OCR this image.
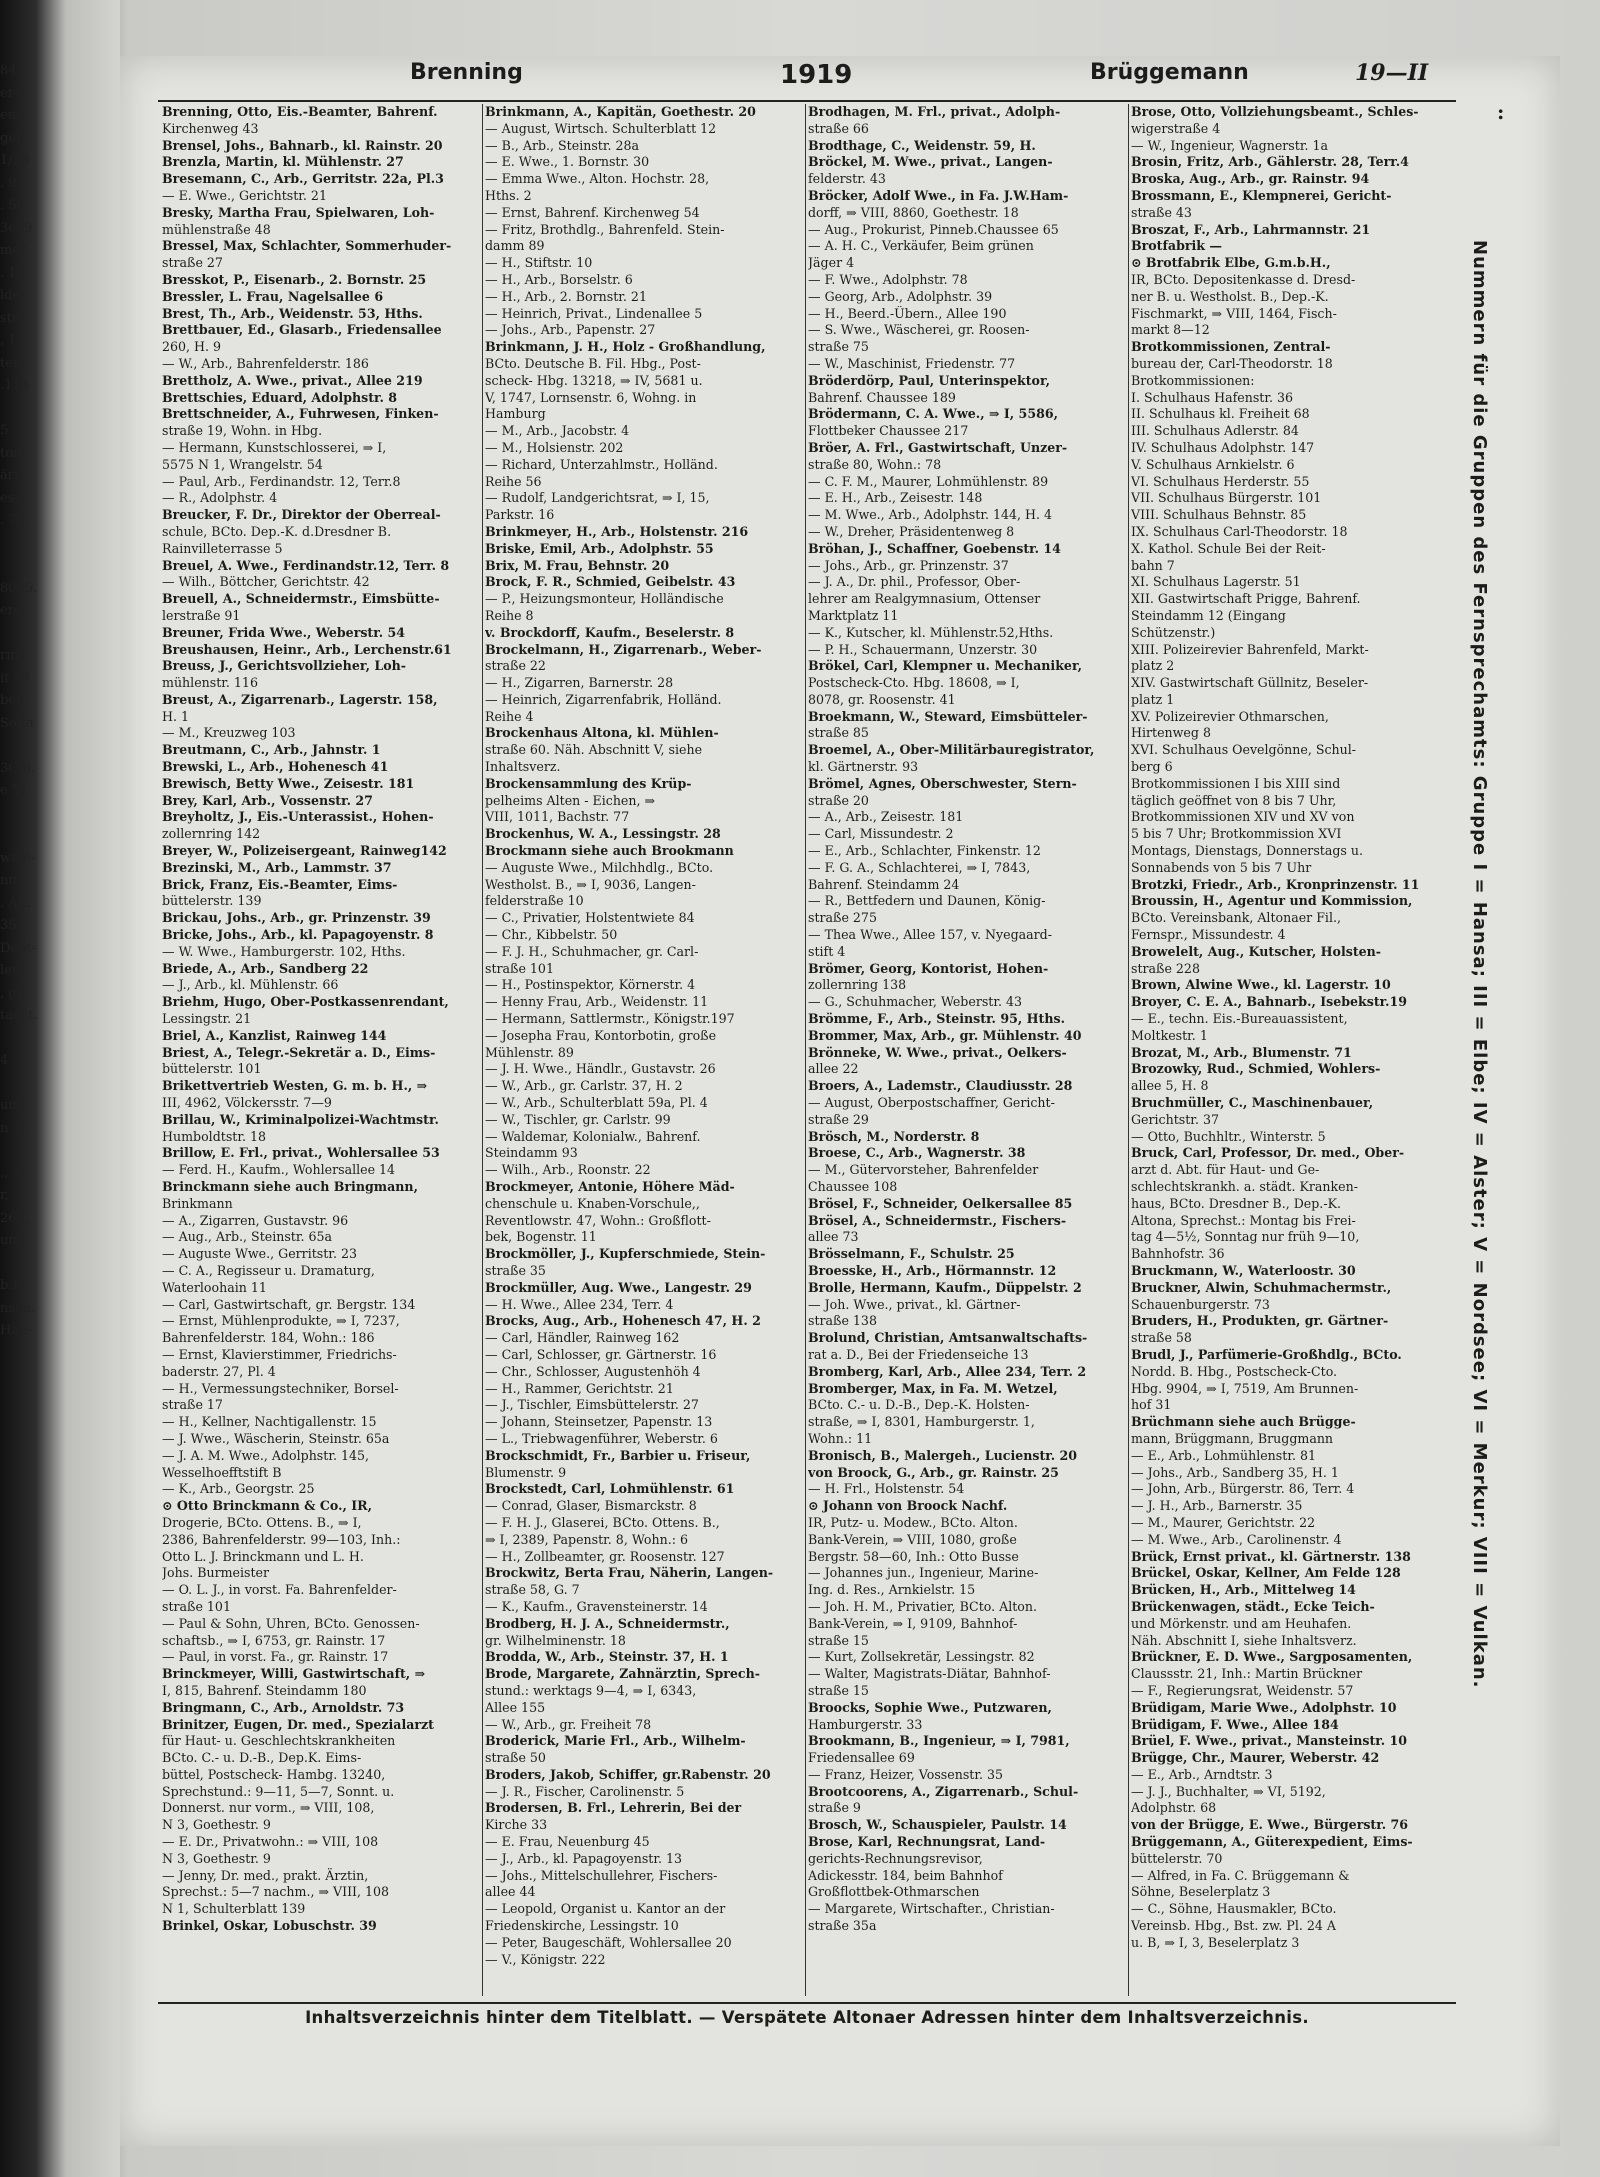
84
er-
en-
ger-
1/23
. 91
. 56
3e39
mer
. 13
lde-
str.
, 11
ter-
.113

5
ton.
ärt-
es-
. 72,

8095.
erg-

rm-
it 77
ben-
Sohn

3Cto.
e 51

wille-
nn-
. Alt.
35
Dent-
len-
, gr.
tacht.

4

und
n. b.

., ⇒
r,
266,
und

b.H.
nsen.
Han-
Brenning	1919	Brüggemann	19—II
:
Brenning, Otto, Eis.-Beamter, Bahrenf.
Kirchenweg 43
Brensel, Johs., Bahnarb., kl. Rainstr. 20
Brenzla, Martin, kl. Mühlenstr. 27
Bresemann, C., Arb., Gerritstr. 22a, Pl.3
— E. Wwe., Gerichtstr. 21
Bresky, Martha Frau, Spielwaren, Loh-
mühlenstraße 48
Bressel, Max, Schlachter, Sommerhuder-
straße 27
Bresskot, P., Eisenarb., 2. Bornstr. 25
Bressler, L. Frau, Nagelsallee 6
Brest, Th., Arb., Weidenstr. 53, Hths.
Brettbauer, Ed., Glasarb., Friedensallee
260, H. 9
— W., Arb., Bahrenfelderstr. 186
Brettholz, A. Wwe., privat., Allee 219
Brettschies, Eduard, Adolphstr. 8
Brettschneider, A., Fuhrwesen, Finken-
straße 19, Wohn. in Hbg.
— Hermann, Kunstschlosserei, ⇒ I,
5575 N 1, Wrangelstr. 54
— Paul, Arb., Ferdinandstr. 12, Terr.8
— R., Adolphstr. 4
Breucker, F. Dr., Direktor der Oberreal-
schule, BCto. Dep.-K. d.Dresdner B.
Rainvilleterrasse 5
Breuel, A. Wwe., Ferdinandstr.12, Terr. 8
— Wilh., Böttcher, Gerichtstr. 42
Breuell, A., Schneidermstr., Eimsbütte-
lerstraße 91
Breuner, Frida Wwe., Weberstr. 54
Breushausen, Heinr., Arb., Lerchenstr.61
Breuss, J., Gerichtsvollzieher, Loh-
mühlenstr. 116
Breust, A., Zigarrenarb., Lagerstr. 158,
H. 1
— M., Kreuzweg 103
Breutmann, C., Arb., Jahnstr. 1
Brewski, L., Arb., Hohenesch 41
Brewisch, Betty Wwe., Zeisestr. 181
Brey, Karl, Arb., Vossenstr. 27
Breyholtz, J., Eis.-Unterassist., Hohen-
zollernring 142
Breyer, W., Polizeisergeant, Rainweg142
Brezinski, M., Arb., Lammstr. 37
Brick, Franz, Eis.-Beamter, Eims-
büttelerstr. 139
Brickau, Johs., Arb., gr. Prinzenstr. 39
Bricke, Johs., Arb., kl. Papagoyenstr. 8
— W. Wwe., Hamburgerstr. 102, Hths.
Briede, A., Arb., Sandberg 22
— J., Arb., kl. Mühlenstr. 66
Briehm, Hugo, Ober-Postkassenrendant,
Lessingstr. 21
Briel, A., Kanzlist, Rainweg 144
Briest, A., Telegr.-Sekretär a. D., Eims-
büttelerstr. 101
Brikettvertrieb Westen, G. m. b. H., ⇒
III, 4962, Völckersstr. 7—9
Brillau, W., Kriminalpolizei-Wachtmstr.
Humboldtstr. 18
Brillow, E. Frl., privat., Wohlersallee 53
— Ferd. H., Kaufm., Wohlersallee 14
Brinckmann siehe auch Bringmann,
Brinkmann
— A., Zigarren, Gustavstr. 96
— Aug., Arb., Steinstr. 65a
— Auguste Wwe., Gerritstr. 23
— C. A., Regisseur u. Dramaturg,
Waterloohain 11
— Carl, Gastwirtschaft, gr. Bergstr. 134
— Ernst, Mühlenprodukte, ⇒ I, 7237,
Bahrenfelderstr. 184, Wohn.: 186
— Ernst, Klavierstimmer, Friedrichs-
baderstr. 27, Pl. 4
— H., Vermessungstechniker, Borsel-
straße 17
— H., Kellner, Nachtigallenstr. 15
— J. Wwe., Wäscherin, Steinstr. 65a
— J. A. M. Wwe., Adolphstr. 145,
Wesselhoefftstift B
— K., Arb., Georgstr. 25
⊙ Otto Brinckmann & Co., IR,
Drogerie, BCto. Ottens. B., ⇒ I,
2386, Bahrenfelderstr. 99—103, Inh.:
Otto L. J. Brinckmann und L. H.
Johs. Burmeister
— O. L. J., in vorst. Fa. Bahrenfelder-
straße 101
— Paul & Sohn, Uhren, BCto. Genossen-
schaftsb., ⇒ I, 6753, gr. Rainstr. 17
— Paul, in vorst. Fa., gr. Rainstr. 17
Brinckmeyer, Willi, Gastwirtschaft, ⇒
I, 815, Bahrenf. Steindamm 180
Bringmann, C., Arb., Arnoldstr. 73
Brinitzer, Eugen, Dr. med., Spezialarzt
für Haut- u. Geschlechtskrankheiten
BCto. C.- u. D.-B., Dep.K. Eims-
büttel, Postscheck- Hambg. 13240,
Sprechstund.: 9—11, 5—7, Sonnt. u.
Donnerst. nur vorm., ⇒ VIII, 108,
N 3, Goethestr. 9
— E. Dr., Privatwohn.: ⇒ VIII, 108
N 3, Goethestr. 9
— Jenny, Dr. med., prakt. Ärztin,
Sprechst.: 5—7 nachm., ⇒ VIII, 108
N 1, Schulterblatt 139
Brinkel, Oskar, Lobuschstr. 39
Brinkmann, A., Kapitän, Goethestr. 20
— August, Wirtsch. Schulterblatt 12
— B., Arb., Steinstr. 28a
— E. Wwe., 1. Bornstr. 30
— Emma Wwe., Alton. Hochstr. 28,
Hths. 2
— Ernst, Bahrenf. Kirchenweg 54
— Fritz, Brothdlg., Bahrenfeld. Stein-
damm 89
— H., Stiftstr. 10
— H., Arb., Borselstr. 6
— H., Arb., 2. Bornstr. 21
— Heinrich, Privat., Lindenallee 5
— Johs., Arb., Papenstr. 27
Brinkmann, J. H., Holz - Großhandlung,
BCto. Deutsche B. Fil. Hbg., Post-
scheck- Hbg. 13218, ⇒ IV, 5681 u.
V, 1747, Lornsenstr. 6, Wohng. in
Hamburg
— M., Arb., Jacobstr. 4
— M., Holsienstr. 202
— Richard, Unterzahlmstr., Holländ.
Reihe 56
— Rudolf, Landgerichtsrat, ⇒ I, 15,
Parkstr. 16
Brinkmeyer, H., Arb., Holstenstr. 216
Briske, Emil, Arb., Adolphstr. 55
Brix, M. Frau, Behnstr. 20
Brock, F. R., Schmied, Geibelstr. 43
— P., Heizungsmonteur, Holländische
Reihe 8
v. Brockdorff, Kaufm., Beselerstr. 8
Brockelmann, H., Zigarrenarb., Weber-
straße 22
— H., Zigarren, Barnerstr. 28
— Heinrich, Zigarrenfabrik, Holländ.
Reihe 4
Brockenhaus Altona, kl. Mühlen-
straße 60. Näh. Abschnitt V, siehe
Inhaltsverz.
Brockensammlung des Krüp-
pelheims Alten - Eichen, ⇒
VIII, 1011, Bachstr. 77
Brockenhus, W. A., Lessingstr. 28
Brockmann siehe auch Brookmann
— Auguste Wwe., Milchhdlg., BCto.
Westholst. B., ⇒ I, 9036, Langen-
felderstraße 10
— C., Privatier, Holstentwiete 84
— Chr., Kibbelstr. 50
— F. J. H., Schuhmacher, gr. Carl-
straße 101
— H., Postinspektor, Körnerstr. 4
— Henny Frau, Arb., Weidenstr. 11
— Hermann, Sattlermstr., Königstr.197
— Josepha Frau, Kontorbotin, große
Mühlenstr. 89
— J. H. Wwe., Händlr., Gustavstr. 26
— W., Arb., gr. Carlstr. 37, H. 2
— W., Arb., Schulterblatt 59a, Pl. 4
— W., Tischler, gr. Carlstr. 99
— Waldemar, Kolonialw., Bahrenf.
Steindamm 93
— Wilh., Arb., Roonstr. 22
Brockmeyer, Antonie, Höhere Mäd-
chenschule u. Knaben-Vorschule,,
Reventlowstr. 47, Wohn.: Großflott-
bek, Bogenstr. 11
Brockmöller, J., Kupferschmiede, Stein-
straße 35
Brockmüller, Aug. Wwe., Langestr. 29
— H. Wwe., Allee 234, Terr. 4
Brocks, Aug., Arb., Hohenesch 47, H. 2
— Carl, Händler, Rainweg 162
— Carl, Schlosser, gr. Gärtnerstr. 16
— Chr., Schlosser, Augustenhöh 4
— H., Rammer, Gerichtstr. 21
— J., Tischler, Eimsbüttelerstr. 27
— Johann, Steinsetzer, Papenstr. 13
— L., Triebwagenführer, Weberstr. 6
Brockschmidt, Fr., Barbier u. Friseur,
Blumenstr. 9
Brockstedt, Carl, Lohmühlenstr. 61
— Conrad, Glaser, Bismarckstr. 8
— F. H. J., Glaserei, BCto. Ottens. B.,
⇒ I, 2389, Papenstr. 8, Wohn.: 6
— H., Zollbeamter, gr. Roosenstr. 127
Brockwitz, Berta Frau, Näherin, Langen-
straße 58, G. 7
— K., Kaufm., Gravensteinerstr. 14
Brodberg, H. J. A., Schneidermstr.,
gr. Wilhelminenstr. 18
Brodda, W., Arb., Steinstr. 37, H. 1
Brode, Margarete, Zahnärztin, Sprech-
stund.: werktags 9—4, ⇒ I, 6343,
Allee 155
— W., Arb., gr. Freiheit 78
Broderick, Marie Frl., Arb., Wilhelm-
straße 50
Broders, Jakob, Schiffer, gr.Rabenstr. 20
— J. R., Fischer, Carolinenstr. 5
Brodersen, B. Frl., Lehrerin, Bei der
Kirche 33
— E. Frau, Neuenburg 45
— J., Arb., kl. Papagoyenstr. 13
— Johs., Mittelschullehrer, Fischers-
allee 44
— Leopold, Organist u. Kantor an der
Friedenskirche, Lessingstr. 10
— Peter, Baugeschäft, Wohlersallee 20
— V., Königstr. 222
Brodhagen, M. Frl., privat., Adolph-
straße 66
Brodthage, C., Weidenstr. 59, H.
Bröckel, M. Wwe., privat., Langen-
felderstr. 43
Bröcker, Adolf Wwe., in Fa. J.W.Ham-
dorff, ⇒ VIII, 8860, Goethestr. 18
— Aug., Prokurist, Pinneb.Chaussee 65
— A. H. C., Verkäufer, Beim grünen
Jäger 4
— F. Wwe., Adolphstr. 78
— Georg, Arb., Adolphstr. 39
— H., Beerd.-Übern., Allee 190
— S. Wwe., Wäscherei, gr. Roosen-
straße 75
— W., Maschinist, Friedenstr. 77
Bröderdörp, Paul, Unterinspektor,
Bahrenf. Chaussee 189
Brödermann, C. A. Wwe., ⇒ I, 5586,
Flottbeker Chaussee 217
Bröer, A. Frl., Gastwirtschaft, Unzer-
straße 80, Wohn.: 78
— C. F. M., Maurer, Lohmühlenstr. 89
— E. H., Arb., Zeisestr. 148
— M. Wwe., Arb., Adolphstr. 144, H. 4
— W., Dreher, Präsidentenweg 8
Bröhan, J., Schaffner, Goebenstr. 14
— Johs., Arb., gr. Prinzenstr. 37
— J. A., Dr. phil., Professor, Ober-
lehrer am Realgymnasium, Ottenser
Marktplatz 11
— K., Kutscher, kl. Mühlenstr.52,Hths.
— P. H., Schauermann, Unzerstr. 30
Brökel, Carl, Klempner u. Mechaniker,
Postscheck-Cto. Hbg. 18608, ⇒ I,
8078, gr. Roosenstr. 41
Broekmann, W., Steward, Eimsbütteler-
straße 85
Broemel, A., Ober-Militärbauregistrator,
kl. Gärtnerstr. 93
Brömel, Agnes, Oberschwester, Stern-
straße 20
— A., Arb., Zeisestr. 181
— Carl, Missundestr. 2
— E., Arb., Schlachter, Finkenstr. 12
— F. G. A., Schlachterei, ⇒ I, 7843,
Bahrenf. Steindamm 24
— R., Bettfedern und Daunen, König-
straße 275
— Thea Wwe., Allee 157, v. Nyegaard-
stift 4
Brömer, Georg, Kontorist, Hohen-
zollernring 138
— G., Schuhmacher, Weberstr. 43
Brömme, F., Arb., Steinstr. 95, Hths.
Brommer, Max, Arb., gr. Mühlenstr. 40
Brönneke, W. Wwe., privat., Oelkers-
allee 22
Broers, A., Lademstr., Claudiusstr. 28
— August, Oberpostschaffner, Gericht-
straße 29
Brösch, M., Norderstr. 8
Broese, C., Arb., Wagnerstr. 38
— M., Gütervorsteher, Bahrenfelder
Chaussee 108
Brösel, F., Schneider, Oelkersallee 85
Brösel, A., Schneidermstr., Fischers-
allee 73
Brösselmann, F., Schulstr. 25
Broesske, H., Arb., Hörmannstr. 12
Brolle, Hermann, Kaufm., Düppelstr. 2
— Joh. Wwe., privat., kl. Gärtner-
straße 138
Brolund, Christian, Amtsanwaltschafts-
rat a. D., Bei der Friedenseiche 13
Bromberg, Karl, Arb., Allee 234, Terr. 2
Bromberger, Max, in Fa. M. Wetzel,
BCto. C.- u. D.-B., Dep.-K. Holsten-
straße, ⇒ I, 8301, Hamburgerstr. 1,
Wohn.: 11
Bronisch, B., Malergeh., Lucienstr. 20
von Broock, G., Arb., gr. Rainstr. 25
— H. Frl., Holstenstr. 54
⊙ Johann von Broock Nachf.
IR, Putz- u. Modew., BCto. Alton.
Bank-Verein, ⇒ VIII, 1080, große
Bergstr. 58—60, Inh.: Otto Busse
— Johannes jun., Ingenieur, Marine-
Ing. d. Res., Arnkielstr. 15
— Joh. H. M., Privatier, BCto. Alton.
Bank-Verein, ⇒ I, 9109, Bahnhof-
straße 15
— Kurt, Zollsekretär, Lessingstr. 82
— Walter, Magistrats-Diätar, Bahnhof-
straße 15
Broocks, Sophie Wwe., Putzwaren,
Hamburgerstr. 33
Brookmann, B., Ingenieur, ⇒ I, 7981,
Friedensallee 69
— Franz, Heizer, Vossenstr. 35
Brootcoorens, A., Zigarrenarb., Schul-
straße 9
Brosch, W., Schauspieler, Paulstr. 14
Brose, Karl, Rechnungsrat, Land-
gerichts-Rechnungsrevisor,
Adickesstr. 184, beim Bahnhof
Großflottbek-Othmarschen
— Margarete, Wirtschafter., Christian-
straße 35a
Brose, Otto, Vollziehungsbeamt., Schles-
wigerstraße 4
— W., Ingenieur, Wagnerstr. 1a
Brosin, Fritz, Arb., Gählerstr. 28, Terr.4
Broska, Aug., Arb., gr. Rainstr. 94
Brossmann, E., Klempnerei, Gericht-
straße 43
Broszat, F., Arb., Lahrmannstr. 21
Brotfabrik —
⊙ Brotfabrik Elbe, G.m.b.H.,
IR, BCto. Depositenkasse d. Dresd-
ner B. u. Westholst. B., Dep.-K.
Fischmarkt, ⇒ VIII, 1464, Fisch-
markt 8—12
Brotkommissionen, Zentral-
bureau der, Carl-Theodorstr. 18
Brotkommissionen:
I. Schulhaus Hafenstr. 36
II. Schulhaus kl. Freiheit 68
III. Schulhaus Adlerstr. 84
IV. Schulhaus Adolphstr. 147
V. Schulhaus Arnkielstr. 6
VI. Schulhaus Herderstr. 55
VII. Schulhaus Bürgerstr. 101
VIII. Schulhaus Behnstr. 85
IX. Schulhaus Carl-Theodorstr. 18
X. Kathol. Schule Bei der Reit-
bahn 7
XI. Schulhaus Lagerstr. 51
XII. Gastwirtschaft Prigge, Bahrenf.
Steindamm 12 (Eingang
Schützenstr.)
XIII. Polizeirevier Bahrenfeld, Markt-
platz 2
XIV. Gastwirtschaft Güllnitz, Beseler-
platz 1
XV. Polizeirevier Othmarschen,
Hirtenweg 8
XVI. Schulhaus Oevelgönne, Schul-
berg 6
Brotkommissionen I bis XIII sind
täglich geöffnet von 8 bis 7 Uhr,
Brotkommissionen XIV und XV von
5 bis 7 Uhr; Brotkommission XVI
Montags, Dienstags, Donnerstags u.
Sonnabends von 5 bis 7 Uhr
Brotzki, Friedr., Arb., Kronprinzenstr. 11
Broussin, H., Agentur und Kommission,
BCto. Vereinsbank, Altonaer Fil.,
Fernspr., Missundestr. 4
Browelelt, Aug., Kutscher, Holsten-
straße 228
Brown, Alwine Wwe., kl. Lagerstr. 10
Broyer, C. E. A., Bahnarb., Isebekstr.19
— E., techn. Eis.-Bureauassistent,
Moltkestr. 1
Brozat, M., Arb., Blumenstr. 71
Brozowky, Rud., Schmied, Wohlers-
allee 5, H. 8
Bruchmüller, C., Maschinenbauer,
Gerichtstr. 37
— Otto, Buchhltr., Winterstr. 5
Bruck, Carl, Professor, Dr. med., Ober-
arzt d. Abt. für Haut- und Ge-
schlechtskrankh. a. städt. Kranken-
haus, BCto. Dresdner B., Dep.-K.
Altona, Sprechst.: Montag bis Frei-
tag 4—5½, Sonntag nur früh 9—10,
Bahnhofstr. 36
Bruckmann, W., Waterloostr. 30
Bruckner, Alwin, Schuhmachermstr.,
Schauenburgerstr. 73
Bruders, H., Produkten, gr. Gärtner-
straße 58
Brudl, J., Parfümerie-Großhdlg., BCto.
Nordd. B. Hbg., Postscheck-Cto.
Hbg. 9904, ⇒ I, 7519, Am Brunnen-
hof 31
Brüchmann siehe auch Brügge-
mann, Brüggmann, Bruggmann
— E., Arb., Lohmühlenstr. 81
— Johs., Arb., Sandberg 35, H. 1
— John, Arb., Bürgerstr. 86, Terr. 4
— J. H., Arb., Barnerstr. 35
— M., Maurer, Gerichtstr. 22
— M. Wwe., Arb., Carolinenstr. 4
Brück, Ernst privat., kl. Gärtnerstr. 138
Brückel, Oskar, Kellner, Am Felde 128
Brücken, H., Arb., Mittelweg 14
Brückenwagen, städt., Ecke Teich-
und Mörkenstr. und am Heuhafen.
Näh. Abschnitt I, siehe Inhaltsverz.
Brückner, E. D. Wwe., Sargposamenten,
Claussstr. 21, Inh.: Martin Brückner
— F., Regierungsrat, Weidenstr. 57
Brüdigam, Marie Wwe., Adolphstr. 10
Brüdigam, F. Wwe., Allee 184
Brüel, F. Wwe., privat., Mansteinstr. 10
Brügge, Chr., Maurer, Weberstr. 42
— E., Arb., Arndtstr. 3
— J. J., Buchhalter, ⇒ VI, 5192,
Adolphstr. 68
von der Brügge, E. Wwe., Bürgerstr. 76
Brüggemann, A., Güterexpedient, Eims-
büttelerstr. 70
— Alfred, in Fa. C. Brüggemann &
Söhne, Beselerplatz 3
— C., Söhne, Hausmakler, BCto.
Vereinsb. Hbg., Bst. zw. Pl. 24 A
u. B, ⇒ I, 3, Beselerplatz 3
Nummern für die Gruppen des Fernsprechamts: Gruppe I = Hansa; III = Elbe; IV = Alster; V = Nordsee; VI = Merkur; VIII = Vulkan.
Inhaltsverzeichnis hinter dem Titelblatt. — Verspätete Altonaer Adressen hinter dem Inhaltsverzeichnis.
